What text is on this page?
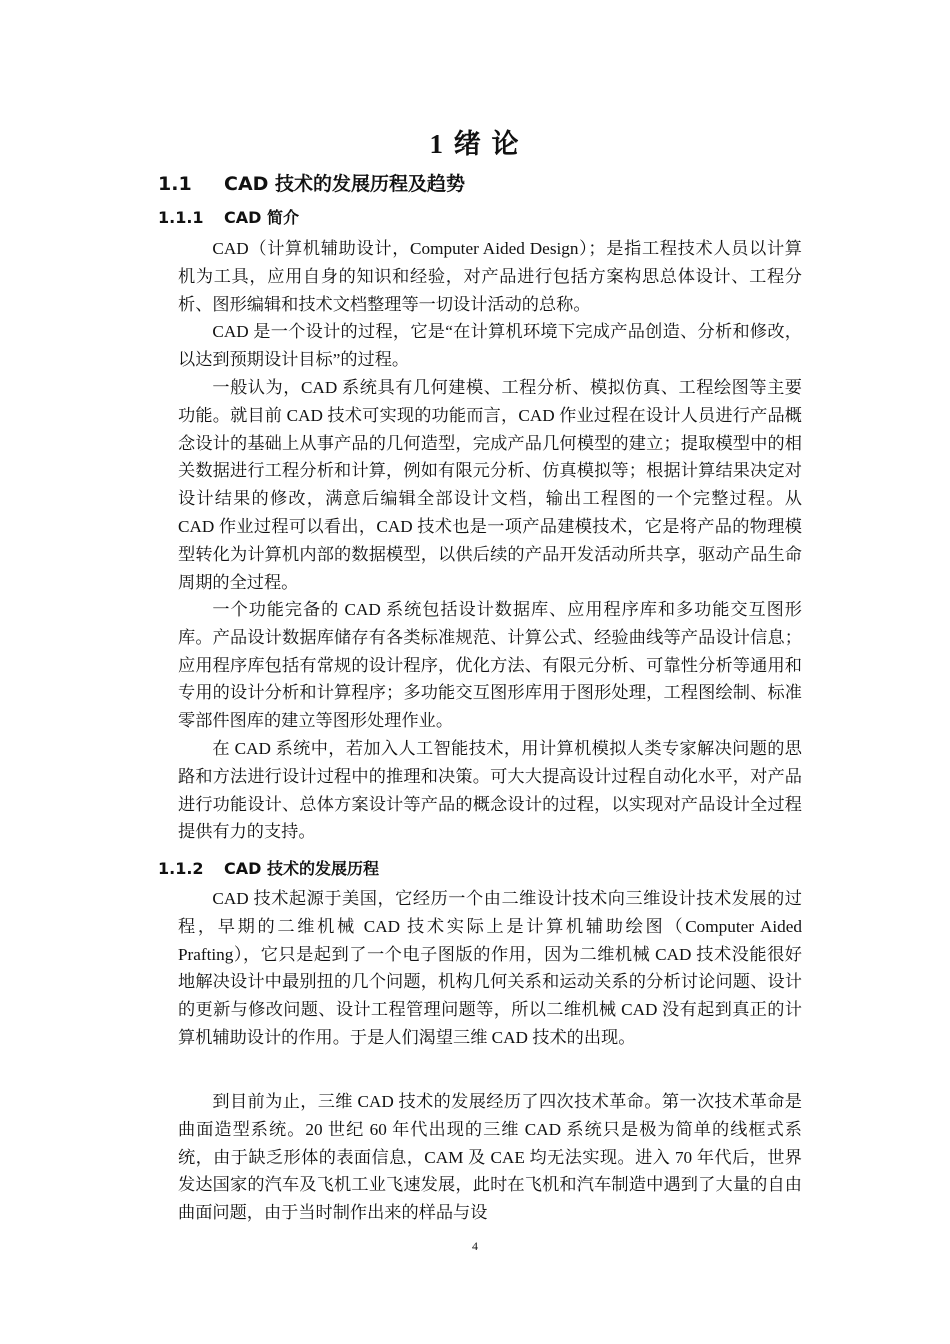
1 绪 论
1.1 CAD 技术的发展历程及趋势
1.1.1 CAD 简介

CAD（计算机辅助设计，Computer Aided Design）；是指工程技术人员以计算机为工具，应用自身的知识和经验，对产品进行包括方案构思总体设计、工程分析、图形编辑和技术文档整理等一切设计活动的总称。

CAD 是一个设计的过程，它是“在计算机环境下完成产品创造、分析和修改，以达到预期设计目标”的过程。

一般认为，CAD 系统具有几何建模、工程分析、模拟仿真、工程绘图等主要功能。就目前 CAD 技术可实现的功能而言，CAD 作业过程在设计人员进行产品概念设计的基础上从事产品的几何造型，完成产品几何模型的建立；提取模型中的相关数据进行工程分析和计算，例如有限元分析、仿真模拟等；根据计算结果决定对设计结果的修改，满意后编辑全部设计文档，输出工程图的一个完整过程。从 CAD 作业过程可以看出，CAD 技术也是一项产品建模技术，它是将产品的物理模型转化为计算机内部的数据模型，以供后续的产品开发活动所共享，驱动产品生命周期的全过程。

一个功能完备的 CAD 系统包括设计数据库、应用程序库和多功能交互图形库。产品设计数据库储存有各类标准规范、计算公式、经验曲线等产品设计信息；应用程序库包括有常规的设计程序，优化方法、有限元分析、可靠性分析等通用和专用的设计分析和计算程序；多功能交互图形库用于图形处理，工程图绘制、标准零部件图库的建立等图形处理作业。

在 CAD 系统中，若加入人工智能技术，用计算机模拟人类专家解决问题的思路和方法进行设计过程中的推理和决策。可大大提高设计过程自动化水平，对产品进行功能设计、总体方案设计等产品的概念设计的过程，以实现对产品设计全过程提供有力的支持。

1.1.2 CAD 技术的发展历程

CAD 技术起源于美国，它经历一个由二维设计技术向三维设计技术发展的过程，早期的二维机械 CAD 技术实际上是计算机辅助绘图（Computer Aided Prafting），它只是起到了一个电子图版的作用，因为二维机械 CAD 技术没能很好地解决设计中最别扭的几个问题，机构几何关系和运动关系的分析讨论问题、设计的更新与修改问题、设计工程管理问题等，所以二维机械 CAD 没有起到真正的计算机辅助设计的作用。于是人们渴望三维 CAD 技术的出现。

到目前为止，三维 CAD 技术的发展经历了四次技术革命。第一次技术革命是曲面造型系统。20 世纪 60 年代出现的三维 CAD 系统只是极为简单的线框式系统，由于缺乏形体的表面信息，CAM 及 CAE 均无法实现。进入 70 年代后，世界发达国家的汽车及飞机工业飞速发展，此时在飞机和汽车制造中遇到了大量的自由曲面问题，由于当时制作出来的样品与设

4
